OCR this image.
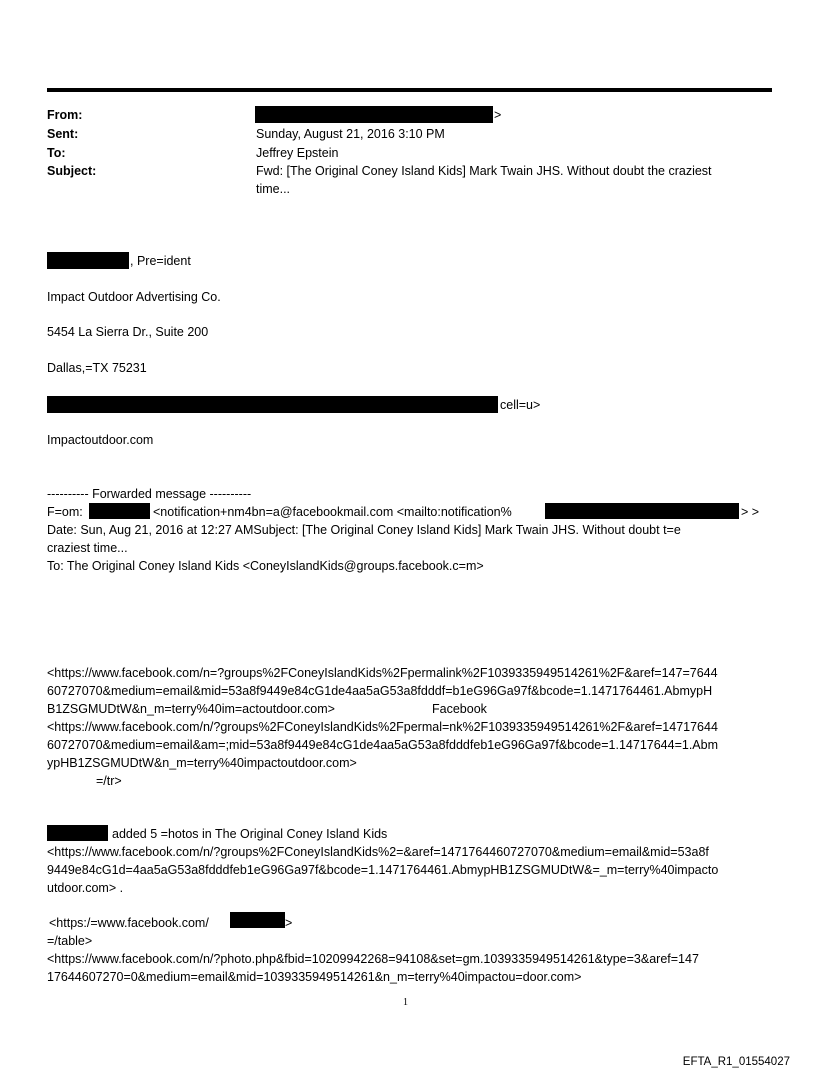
From:	>
Sent:	Sunday, August 21, 2016 3:10 PM
To:	Jeffrey Epstein
Subject:	Fwd: [The Original Coney Island Kids] Mark Twain JHS. Without doubt the craziest
time...
, Pre=ident
Impact Outdoor Advertising Co.
5454 La Sierra Dr., Suite 200
Dallas,=TX 75231
cell=u>
Impactoutdoor.com
---------- Forwarded message ----------
F=om:	<notification+nm4bn=a@facebookmail.com <mailto:notification%	> >
Date: Sun, Aug 21, 2016 at 12:27 AMSubject: [The Original Coney Island Kids] Mark Twain JHS. Without doubt t=e
craziest time...
To: The Original Coney Island Kids <ConeyIslandKids@groups.facebook.c=m>
<https://www.facebook.com/n=?groups%2FConeyIslandKids%2Fpermalink%2F1039335949514261%2F&aref=147=7644
60727070&medium=email&mid=53a8f9449e84cG1de4aa5aG53a8fdddf=b1eG96Ga97f&bcode=1.1471764461.AbmypH
B1ZSGMUDtW&n_m=terry%40im=actoutdoor.com>	Facebook
<https://www.facebook.com/n/?groups%2FConeyIslandKids%2Fpermal=nk%2F1039335949514261%2F&aref=14717644
60727070&medium=email&am=;mid=53a8f9449e84cG1de4aa5aG53a8fdddfeb1eG96Ga97f&bcode=1.14717644=1.Abm
ypHB1ZSGMUDtW&n_m=terry%40impactoutdoor.com>
=/tr>
added 5 =hotos in The Original Coney Island Kids
<https://www.facebook.com/n/?groups%2FConeyIslandKids%2=&aref=1471764460727070&medium=email&mid=53a8f
9449e84cG1d=4aa5aG53a8fdddfeb1eG96Ga97f&bcode=1.1471764461.AbmypHB1ZSGMUDtW&=_m=terry%40impacto
utdoor.com> .
<https:/=www.facebook.com/	>
=/table>
<https://www.facebook.com/n/?photo.php&fbid=10209942268=94108&set=gm.1039335949514261&type=3&aref=147
17644607270=0&medium=email&mid=1039335949514261&n_m=terry%40impactou=door.com>
1
EFTA_R1_01554027
